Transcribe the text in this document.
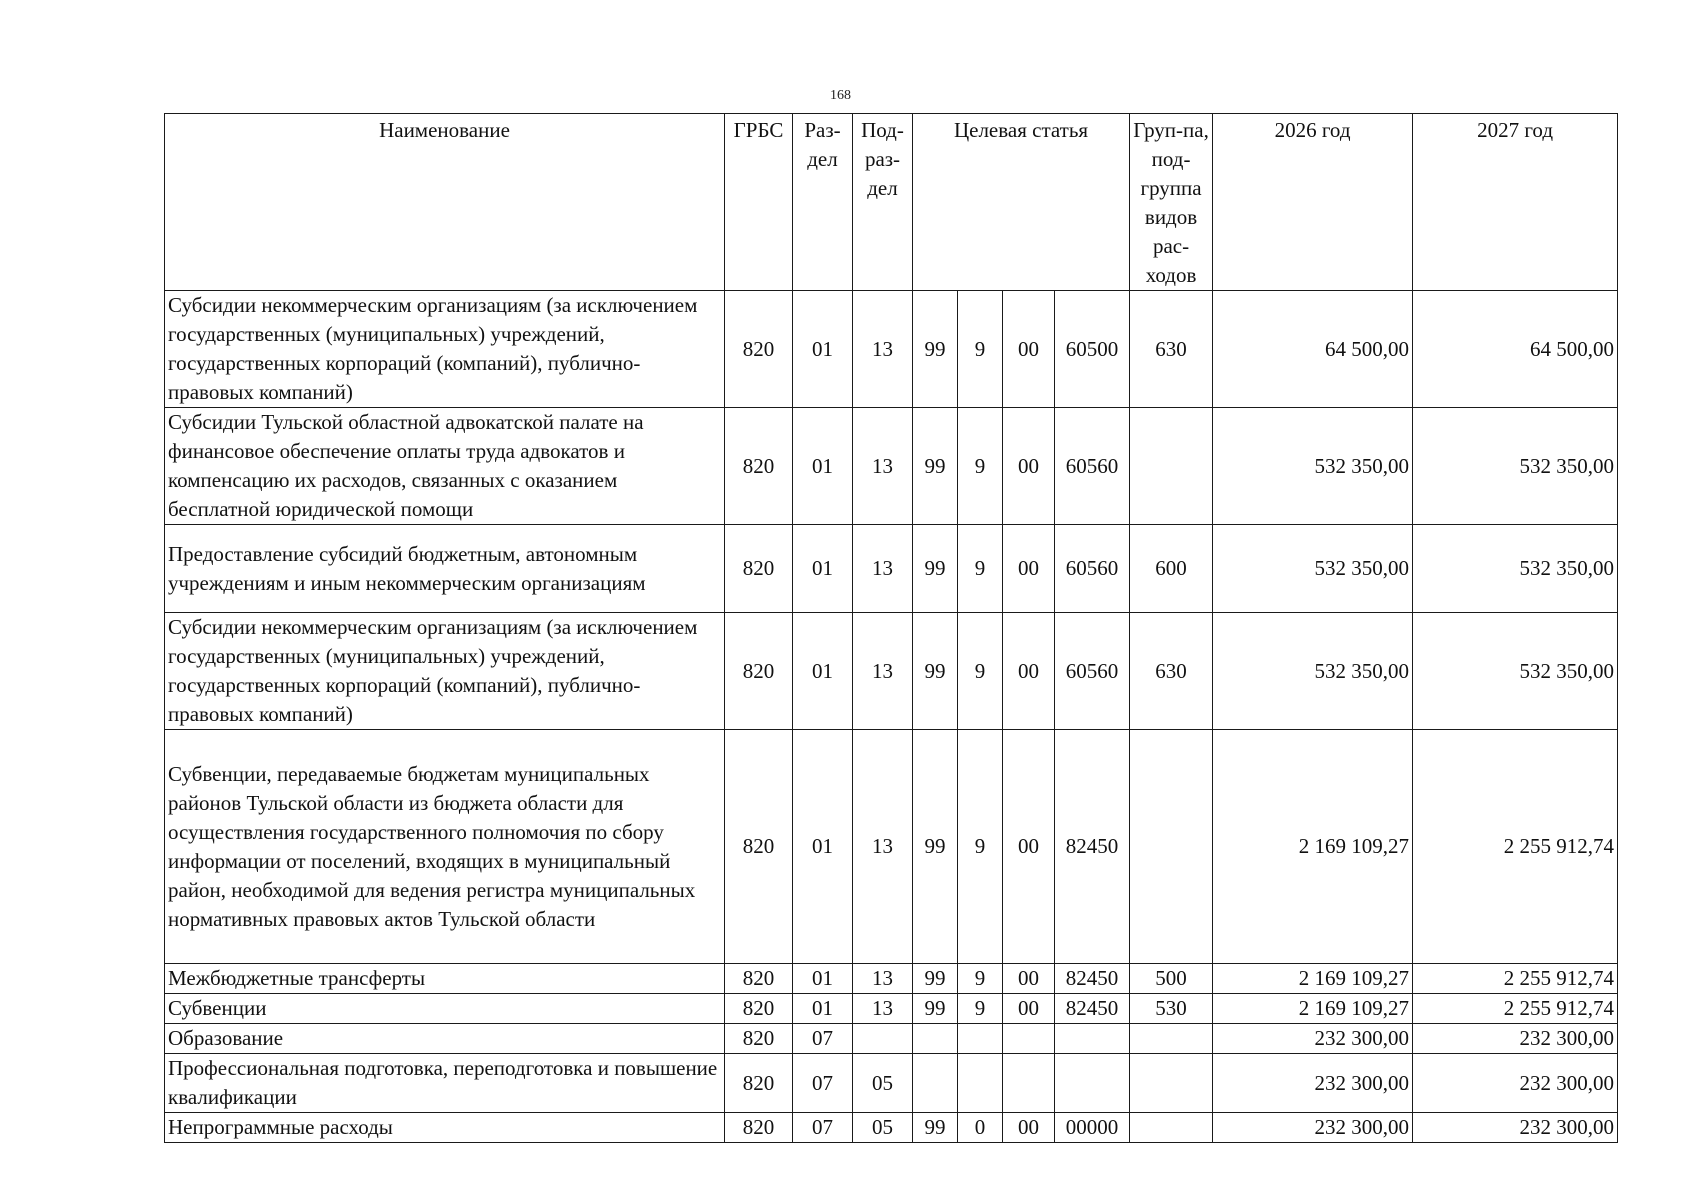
168
Наименование	ГРБС	Раз-дел	Под-раз-дел	Целевая статья				Груп-па, под-группа видов рас-ходов	2026 год	2027 год
Субсидии некоммерческим организациям (за исключением государственных (муниципальных) учреждений, государственных корпораций (компаний), публично-правовых компаний)	820	01	13	99	9	00	60500	630	64 500,00	64 500,00
Субсидии Тульской областной адвокатской палате на финансовое обеспечение оплаты труда адвокатов и компенсацию их расходов, связанных с оказанием бесплатной юридической помощи	820	01	13	99	9	00	60560		532 350,00	532 350,00
Предоставление субсидий бюджетным, автономным учреждениям и иным некоммерческим организациям	820	01	13	99	9	00	60560	600	532 350,00	532 350,00
Субсидии некоммерческим организациям (за исключением государственных (муниципальных) учреждений, государственных корпораций (компаний), публично-правовых компаний)	820	01	13	99	9	00	60560	630	532 350,00	532 350,00
Субвенции, передаваемые бюджетам муниципальных районов Тульской области из бюджета области для осуществления государственного полномочия по сбору информации от поселений, входящих в муниципальный район, необходимой для ведения регистра муниципальных нормативных правовых актов Тульской области	820	01	13	99	9	00	82450		2 169 109,27	2 255 912,74
Межбюджетные трансферты	820	01	13	99	9	00	82450	500	2 169 109,27	2 255 912,74
Субвенции	820	01	13	99	9	00	82450	530	2 169 109,27	2 255 912,74
Образование	820	07							232 300,00	232 300,00
Профессиональная подготовка, переподготовка и повышение квалификации	820	07	05						232 300,00	232 300,00
Непрограммные расходы	820	07	05	99	0	00	00000		232 300,00	232 300,00
